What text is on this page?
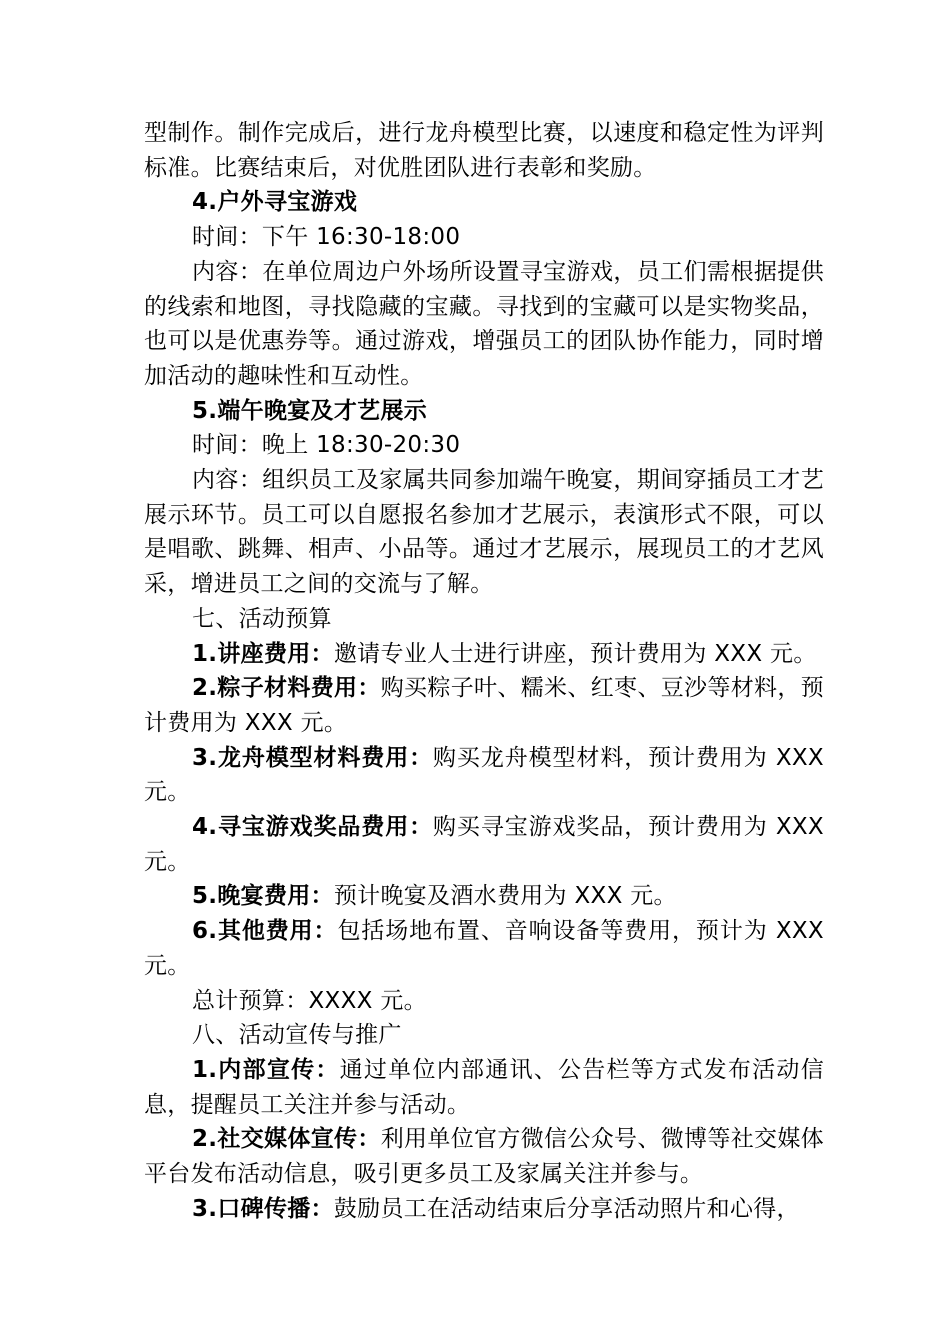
型制作。制作完成后，进行龙舟模型比赛，以速度和稳定性为评判标准。比赛结束后，对优胜团队进行表彰和奖励。

4.户外寻宝游戏

时间：下午 16:30-18:00

内容：在单位周边户外场所设置寻宝游戏，员工们需根据提供的线索和地图，寻找隐藏的宝藏。寻找到的宝藏可以是实物奖品，也可以是优惠券等。通过游戏，增强员工的团队协作能力，同时增加活动的趣味性和互动性。

5.端午晚宴及才艺展示

时间：晚上 18:30-20:30

内容：组织员工及家属共同参加端午晚宴，期间穿插员工才艺展示环节。员工可以自愿报名参加才艺展示，表演形式不限，可以是唱歌、跳舞、相声、小品等。通过才艺展示，展现员工的才艺风采，增进员工之间的交流与了解。

七、活动预算

1.讲座费用：邀请专业人士进行讲座，预计费用为 XXX 元。

2.粽子材料费用：购买粽子叶、糯米、红枣、豆沙等材料，预计费用为 XXX 元。

3.龙舟模型材料费用：购买龙舟模型材料，预计费用为 XXX 元。

4.寻宝游戏奖品费用：购买寻宝游戏奖品，预计费用为 XXX 元。

5.晚宴费用：预计晚宴及酒水费用为 XXX 元。

6.其他费用：包括场地布置、音响设备等费用，预计为 XXX 元。

总计预算：XXXX 元。

八、活动宣传与推广

1.内部宣传：通过单位内部通讯、公告栏等方式发布活动信息，提醒员工关注并参与活动。

2.社交媒体宣传：利用单位官方微信公众号、微博等社交媒体平台发布活动信息，吸引更多员工及家属关注并参与。

3.口碑传播：鼓励员工在活动结束后分享活动照片和心得，
